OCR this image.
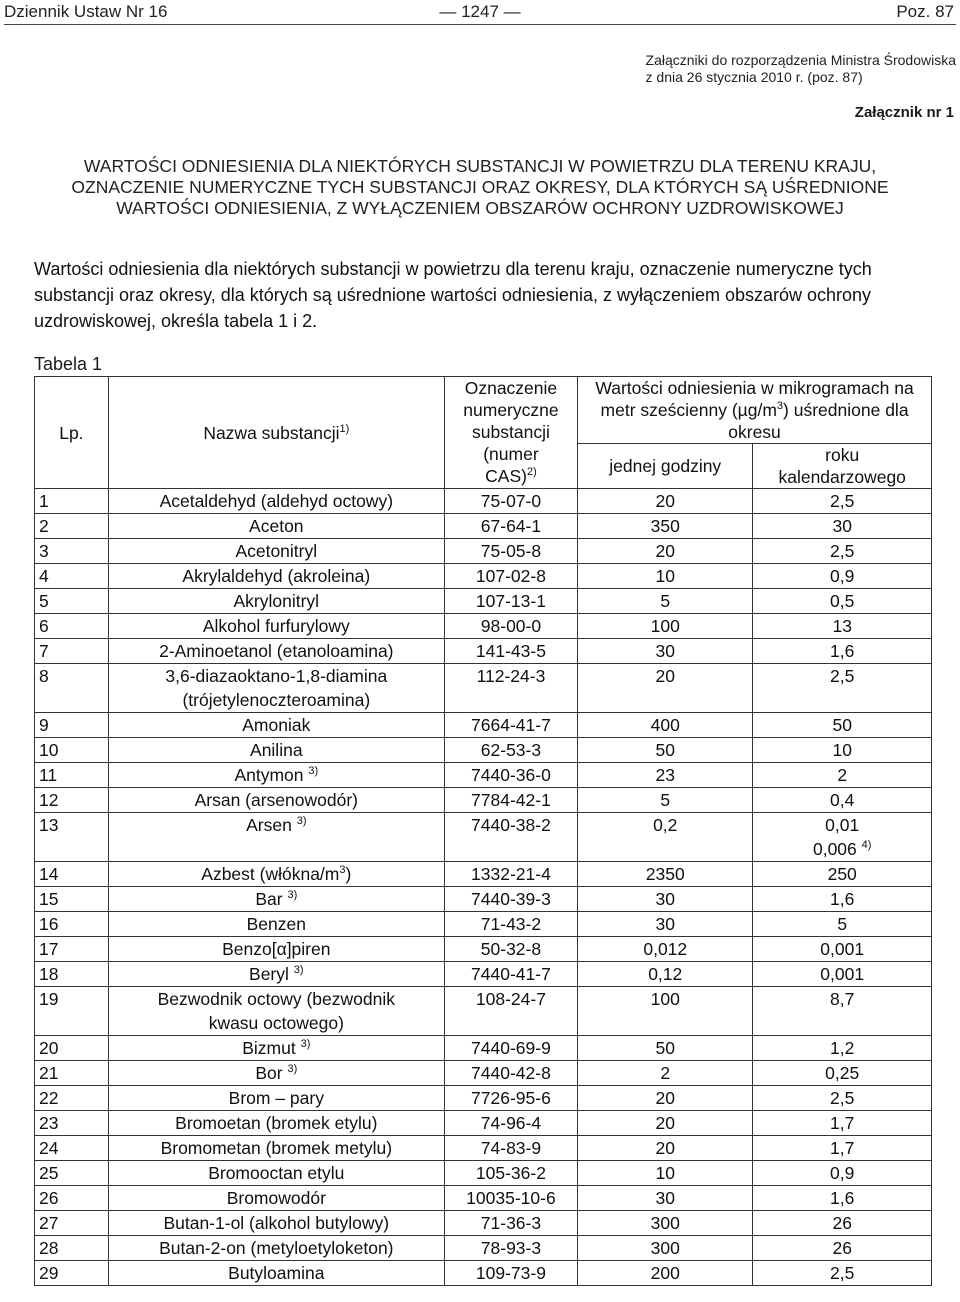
Dziennik Ustaw Nr 16	— 1247 —	Poz. 87
Załączniki do rozporządzenia Ministra Środowiska
z dnia 26 stycznia 2010 r. (poz. 87)
Załącznik nr 1
WARTOŚCI ODNIESIENIA DLA NIEKTÓRYCH SUBSTANCJI W POWIETRZU DLA TERENU KRAJU,
OZNACZENIE NUMERYCZNE TYCH SUBSTANCJI ORAZ OKRESY, DLA KTÓRYCH SĄ UŚREDNIONE
WARTOŚCI ODNIESIENIA, Z WYŁĄCZENIEM OBSZARÓW OCHRONY UZDROWISKOWEJ
Wartości odniesienia dla niektórych substancji w powietrzu dla terenu kraju, oznaczenie numeryczne tych substancji oraz okresy, dla których są uśrednione wartości odniesienia, z wyłączeniem obszarów ochrony uzdrowiskowej, określa tabela 1 i 2.
Tabela 1
Lp.	Nazwa substancji$^{1)}$	Oznaczenie
numeryczne
substancji
(numer
CAS)$^{2)}$	Wartości odniesienia w mikrogramach na
metr sześcienny $(\mu g/m^3)$ uśrednione dla
okresu	

			jednej godziny	roku
kalendarzowego

1	Acetaldehyd (aldehyd octowy)	75-07-0	20	2,5

2	Aceton	67-64-1	350	30

3	Acetonitryl	75-05-8	20	2,5

4	Akrylaldehyd (akroleina)	107-02-8	10	0,9

5	Akrylonitryl	107-13-1	5	0,5

6	Alkohol furfurylowy	98-00-0	100	13

7	2-Aminoetanol (etanoloamina)	141-43-5	30	1,6

8	3,6-diazaoktano-1,8-diamina
(trójetylenoczteroamina)	112-24-3	20	2,5

9	Amoniak	7664-41-7	400	50

10	Anilina	62-53-3	50	10

11	Antymon $^{3)}$	7440-36-0	23	2

12	Arsan (arsenowodór)	7784-42-1	5	0,4

13	Arsen $^{3)}$	7440-38-2	0,2	0,01
0,006 $^{4)}$

14	Azbest $(włókna/m^3)$	1332-21-4	2350	250

15	Bar $^{3)}$	7440-39-3	30	1,6

16	Benzen	71-43-2	30	5

17	Benzo[α]piren	50-32-8	0,012	0,001

18	Beryl $^{3)}$	7440-41-7	0,12	0,001

19	Bezwodnik octowy (bezwodnik
kwasu octowego)	108-24-7	100	8,7

20	Bizmut $^{3)}$	7440-69-9	50	1,2

21	Bor $^{3)}$	7440-42-8	2	0,25

22	Brom – pary	7726-95-6	20	2,5

23	Bromoetan (bromek etylu)	74-96-4	20	1,7

24	Bromometan (bromek metylu)	74-83-9	20	1,7

25	Bromooctan etylu	105-36-2	10	0,9

26	Bromowodór	10035-10-6	30	1,6

27	Butan-1-ol (alkohol butylowy)	71-36-3	300	26

28	Butan-2-on (metyloetyloketon)	78-93-3	300	26

29	Butyloamina	109-73-9	200	2,5
